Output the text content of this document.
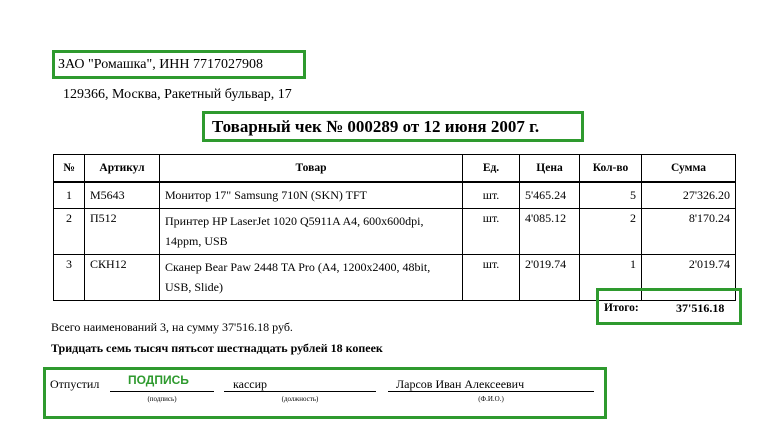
ЗАО "Ромашка", ИНН 7717027908
129366, Москва, Ракетный бульвар, 17
Товарный чек № 000289 от 12 июня 2007 г.
№	Артикул	Товар	Ед.	Цена	Кол-во	Сумма
1	M5643	Монитор 17" Samsung 710N (SKN) TFT	шт.	5'465.24	5	27'326.20
2	П512	Принтер HP LaserJet 1020 Q5911A A4, 600x600dpi, 14ppm, USB	шт.	4'085.12	2	8'170.24
3	СКН12	Сканер Bear Paw 2448 TA Pro (A4, 1200x2400, 48bit, USB, Slide)	шт.	2'019.74	1	2'019.74
Итого:	37'516.18
Всего наименований 3, на сумму 37'516.18 руб.
Тридцать семь тысяч пятьсот шестнадцать рублей 18 копеек
Отпустил ПОДПИСЬ
(подпись)
кассир
(должность)
Ларсов Иван Алексеевич
(Ф.И.О.)
